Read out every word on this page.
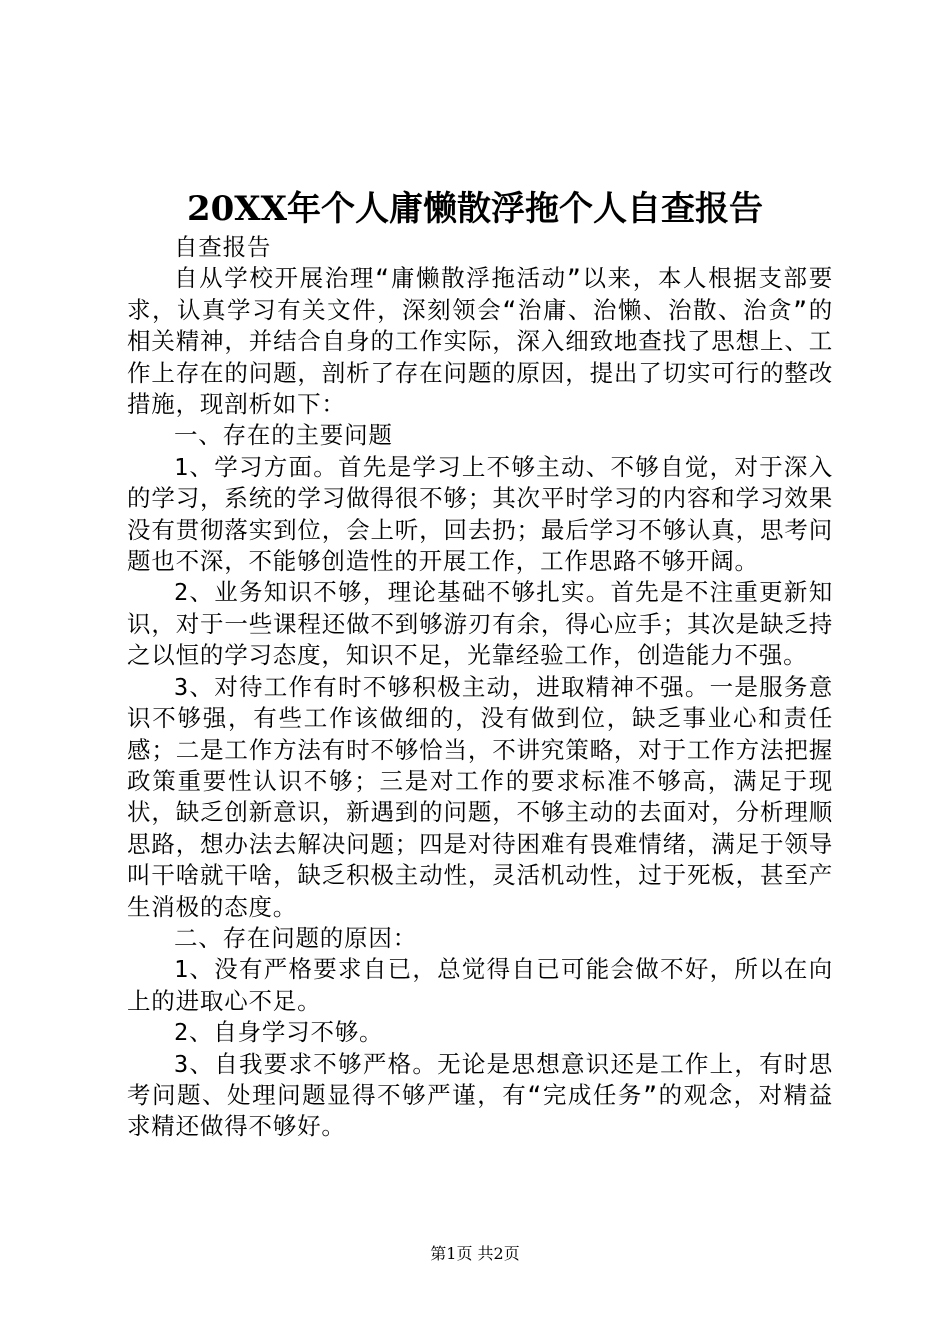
20XX年个人庸懒散浮拖个人自查报告

自查报告

自从学校开展治理“庸懒散浮拖活动”以来，本人根据支部要求，认真学习有关文件，深刻领会“治庸、治懒、治散、治贪”的相关精神，并结合自身的工作实际，深入细致地查找了思想上、工作上存在的问题，剖析了存在问题的原因，提出了切实可行的整改措施，现剖析如下：

一、存在的主要问题

1、学习方面。首先是学习上不够主动、不够自觉，对于深入的学习，系统的学习做得很不够；其次平时学习的内容和学习效果没有贯彻落实到位，会上听，回去扔；最后学习不够认真，思考问题也不深，不能够创造性的开展工作，工作思路不够开阔。

2、业务知识不够，理论基础不够扎实。首先是不注重更新知识，对于一些课程还做不到够游刃有余，得心应手；其次是缺乏持之以恒的学习态度，知识不足，光靠经验工作，创造能力不强。

3、对待工作有时不够积极主动，进取精神不强。一是服务意识不够强，有些工作该做细的，没有做到位，缺乏事业心和责任感；二是工作方法有时不够恰当，不讲究策略，对于工作方法把握政策重要性认识不够；三是对工作的要求标准不够高，满足于现状，缺乏创新意识，新遇到的问题，不够主动的去面对，分析理顺思路，想办法去解决问题；四是对待困难有畏难情绪，满足于领导叫干啥就干啥，缺乏积极主动性，灵活机动性，过于死板，甚至产生消极的态度。

二、存在问题的原因：

1、没有严格要求自已，总觉得自已可能会做不好，所以在向上的进取心不足。

2、自身学习不够。

3、自我要求不够严格。无论是思想意识还是工作上，有时思考问题、处理问题显得不够严谨，有“完成任务”的观念，对精益求精还做得不够好。

第1页 共2页
